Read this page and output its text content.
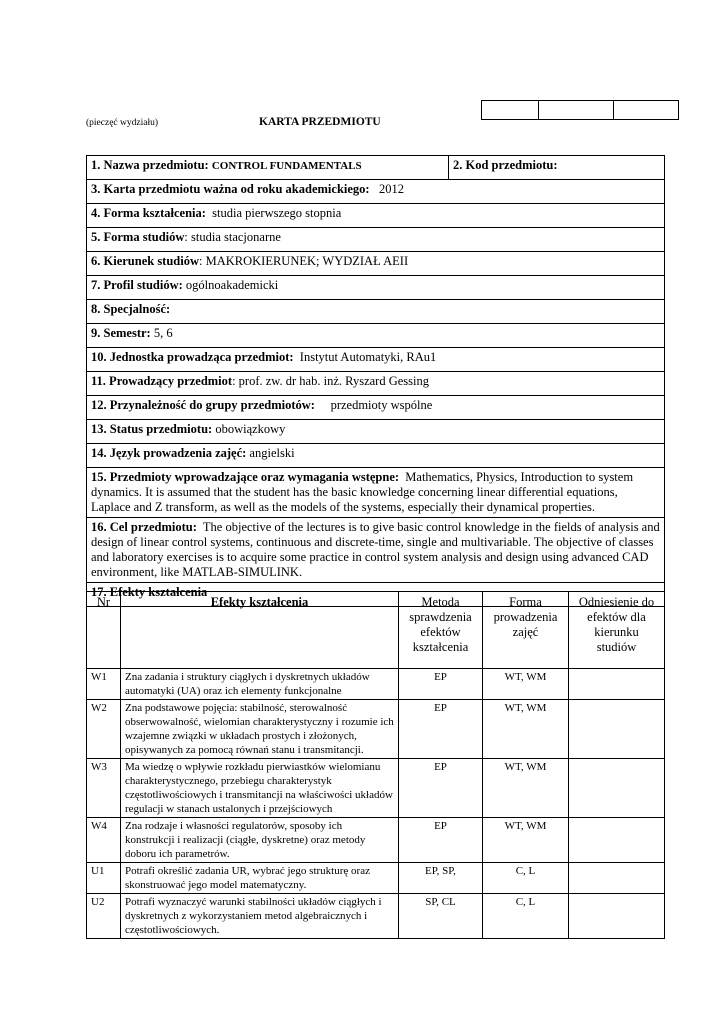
(pieczęć wydziału)	KARTA PRZEDMIOTU
1. Nazwa przedmiotu: CONTROL FUNDAMENTALS	2. Kod przedmiotu:
3. Karta przedmiotu ważna od roku akademickiego: 2012
4. Forma kształcenia: studia pierwszego stopnia
5. Forma studiów: studia stacjonarne
6. Kierunek studiów: MAKROKIERUNEK; WYDZIAŁ AEII
7. Profil studiów: ogólnoakademicki
8. Specjalność:
9. Semestr: 5, 6
10. Jednostka prowadząca przedmiot: Instytut Automatyki, RAu1
11. Prowadzący przedmiot: prof. zw. dr hab. inż. Ryszard Gessing
12. Przynależność do grupy przedmiotów: przedmioty wspólne
13. Status przedmiotu: obowiązkowy
14. Język prowadzenia zajęć: angielski
15. Przedmioty wprowadzające oraz wymagania wstępne: Mathematics, Physics, Introduction to system dynamics. It is assumed that the student has the basic knowledge concerning linear differential equations, Laplace and Z transform, as well as the models of the systems, especially their dynamical properties.
16. Cel przedmiotu: The objective of the lectures is to give basic control knowledge in the fields of analysis and design of linear control systems, continuous and discrete-time, single and multivariable. The objective of classes and laboratory exercises is to acquire some practice in control system analysis and design using advanced CAD environment, like MATLAB-SIMULINK.
17. Efekty kształcenia
Nr	Efekty kształcenia	Metoda sprawdzenia efektów kształcenia	Forma prowadzenia zajęć	Odniesienie do efektów dla kierunku studiów
W1	Zna zadania i struktury ciągłych i dyskretnych układów automatyki (UA) oraz ich elementy funkcjonalne	EP	WT, WM	
W2	Zna podstawowe pojęcia: stabilność, sterowalność obserwowalność, wielomian charakterystyczny i rozumie ich wzajemne związki w układach prostych i złożonych, opisywanych za pomocą równań stanu i transmitancji.	EP	WT, WM	
W3	Ma wiedzę o wpływie rozkładu pierwiastków wielomianu charakterystycznego, przebiegu charakterystyk częstotliwościowych i transmitancji na właściwości układów regulacji w stanach ustalonych i przejściowych	EP	WT, WM	
W4	Zna rodzaje i własności regulatorów, sposoby ich konstrukcji i realizacji (ciągłe, dyskretne) oraz metody doboru ich parametrów.	EP	WT, WM	
U1	Potrafi określić zadania UR, wybrać jego strukturę oraz skonstruować jego model matematyczny.	EP, SP,	C, L	
U2	Potrafi wyznaczyć warunki stabilności układów ciągłych i dyskretnych z wykorzystaniem metod algebraicznych i częstotliwościowych.	SP, CL	C, L	
